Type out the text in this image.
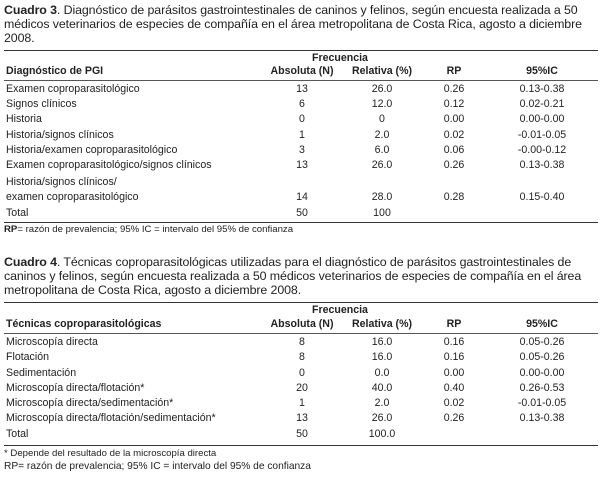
Cuadro 3. Diagnóstico de parásitos gastrointestinales de caninos y felinos, según encuesta realizada a 50 médicos veterinarios de especies de compañía en el área metropolitana de Costa Rica, agosto a diciembre 2008.
Frecuencia
Diagnóstico de PGI	Absoluta (N)	Relativa (%)	RP	95%IC
Examen coproparasitológico	13	26.0	0.26	0.13-0.38
Signos clínicos	6	12.0	0.12	0.02-0.21
Historia	0	0	0.00	0.00-0.00
Historia/signos clínicos	1	2.0	0.02	-0.01-0.05
Historia/examen coproparasitológico	3	6.0	0.06	-0.00-0.12
Examen coproparasitológico/signos clínicos	13	26.0	0.26	0.13-0.38
Historia/signos clínicos/				
examen coproparasitológico	14	28.0	0.28	0.15-0.40
Total	50	100		
RP= razón de prevalencia; 95% IC = intervalo del 95% de confianza
Cuadro 4. Técnicas coproparasitológicas utilizadas para el diagnóstico de parásitos gastrointestinales de caninos y felinos, según encuesta realizada a 50 médicos veterinarios de especies de compañía en el área metropolitana de Costa Rica, agosto a diciembre 2008.
Frecuencia
Técnicas coproparasitológicas	Absoluta (N)	Relativa (%)	RP	95%IC
Microscopía directa	8	16.0	0.16	0.05-0.26
Flotación	8	16.0	0.16	0.05-0.26
Sedimentación	0	0.0	0.00	0.00-0.00
Microscopía directa/flotación*	20	40.0	0.40	0.26-0.53
Microscopía directa/sedimentación*	1	2.0	0.02	-0.01-0.05
Microscopía directa/flotación/sedimentación*	13	26.0	0.26	0.13-0.38
Total	50	100.0		
* Depende del resultado de la microscopía directa
RP= razón de prevalencia; 95% IC = intervalo del 95% de confianza
